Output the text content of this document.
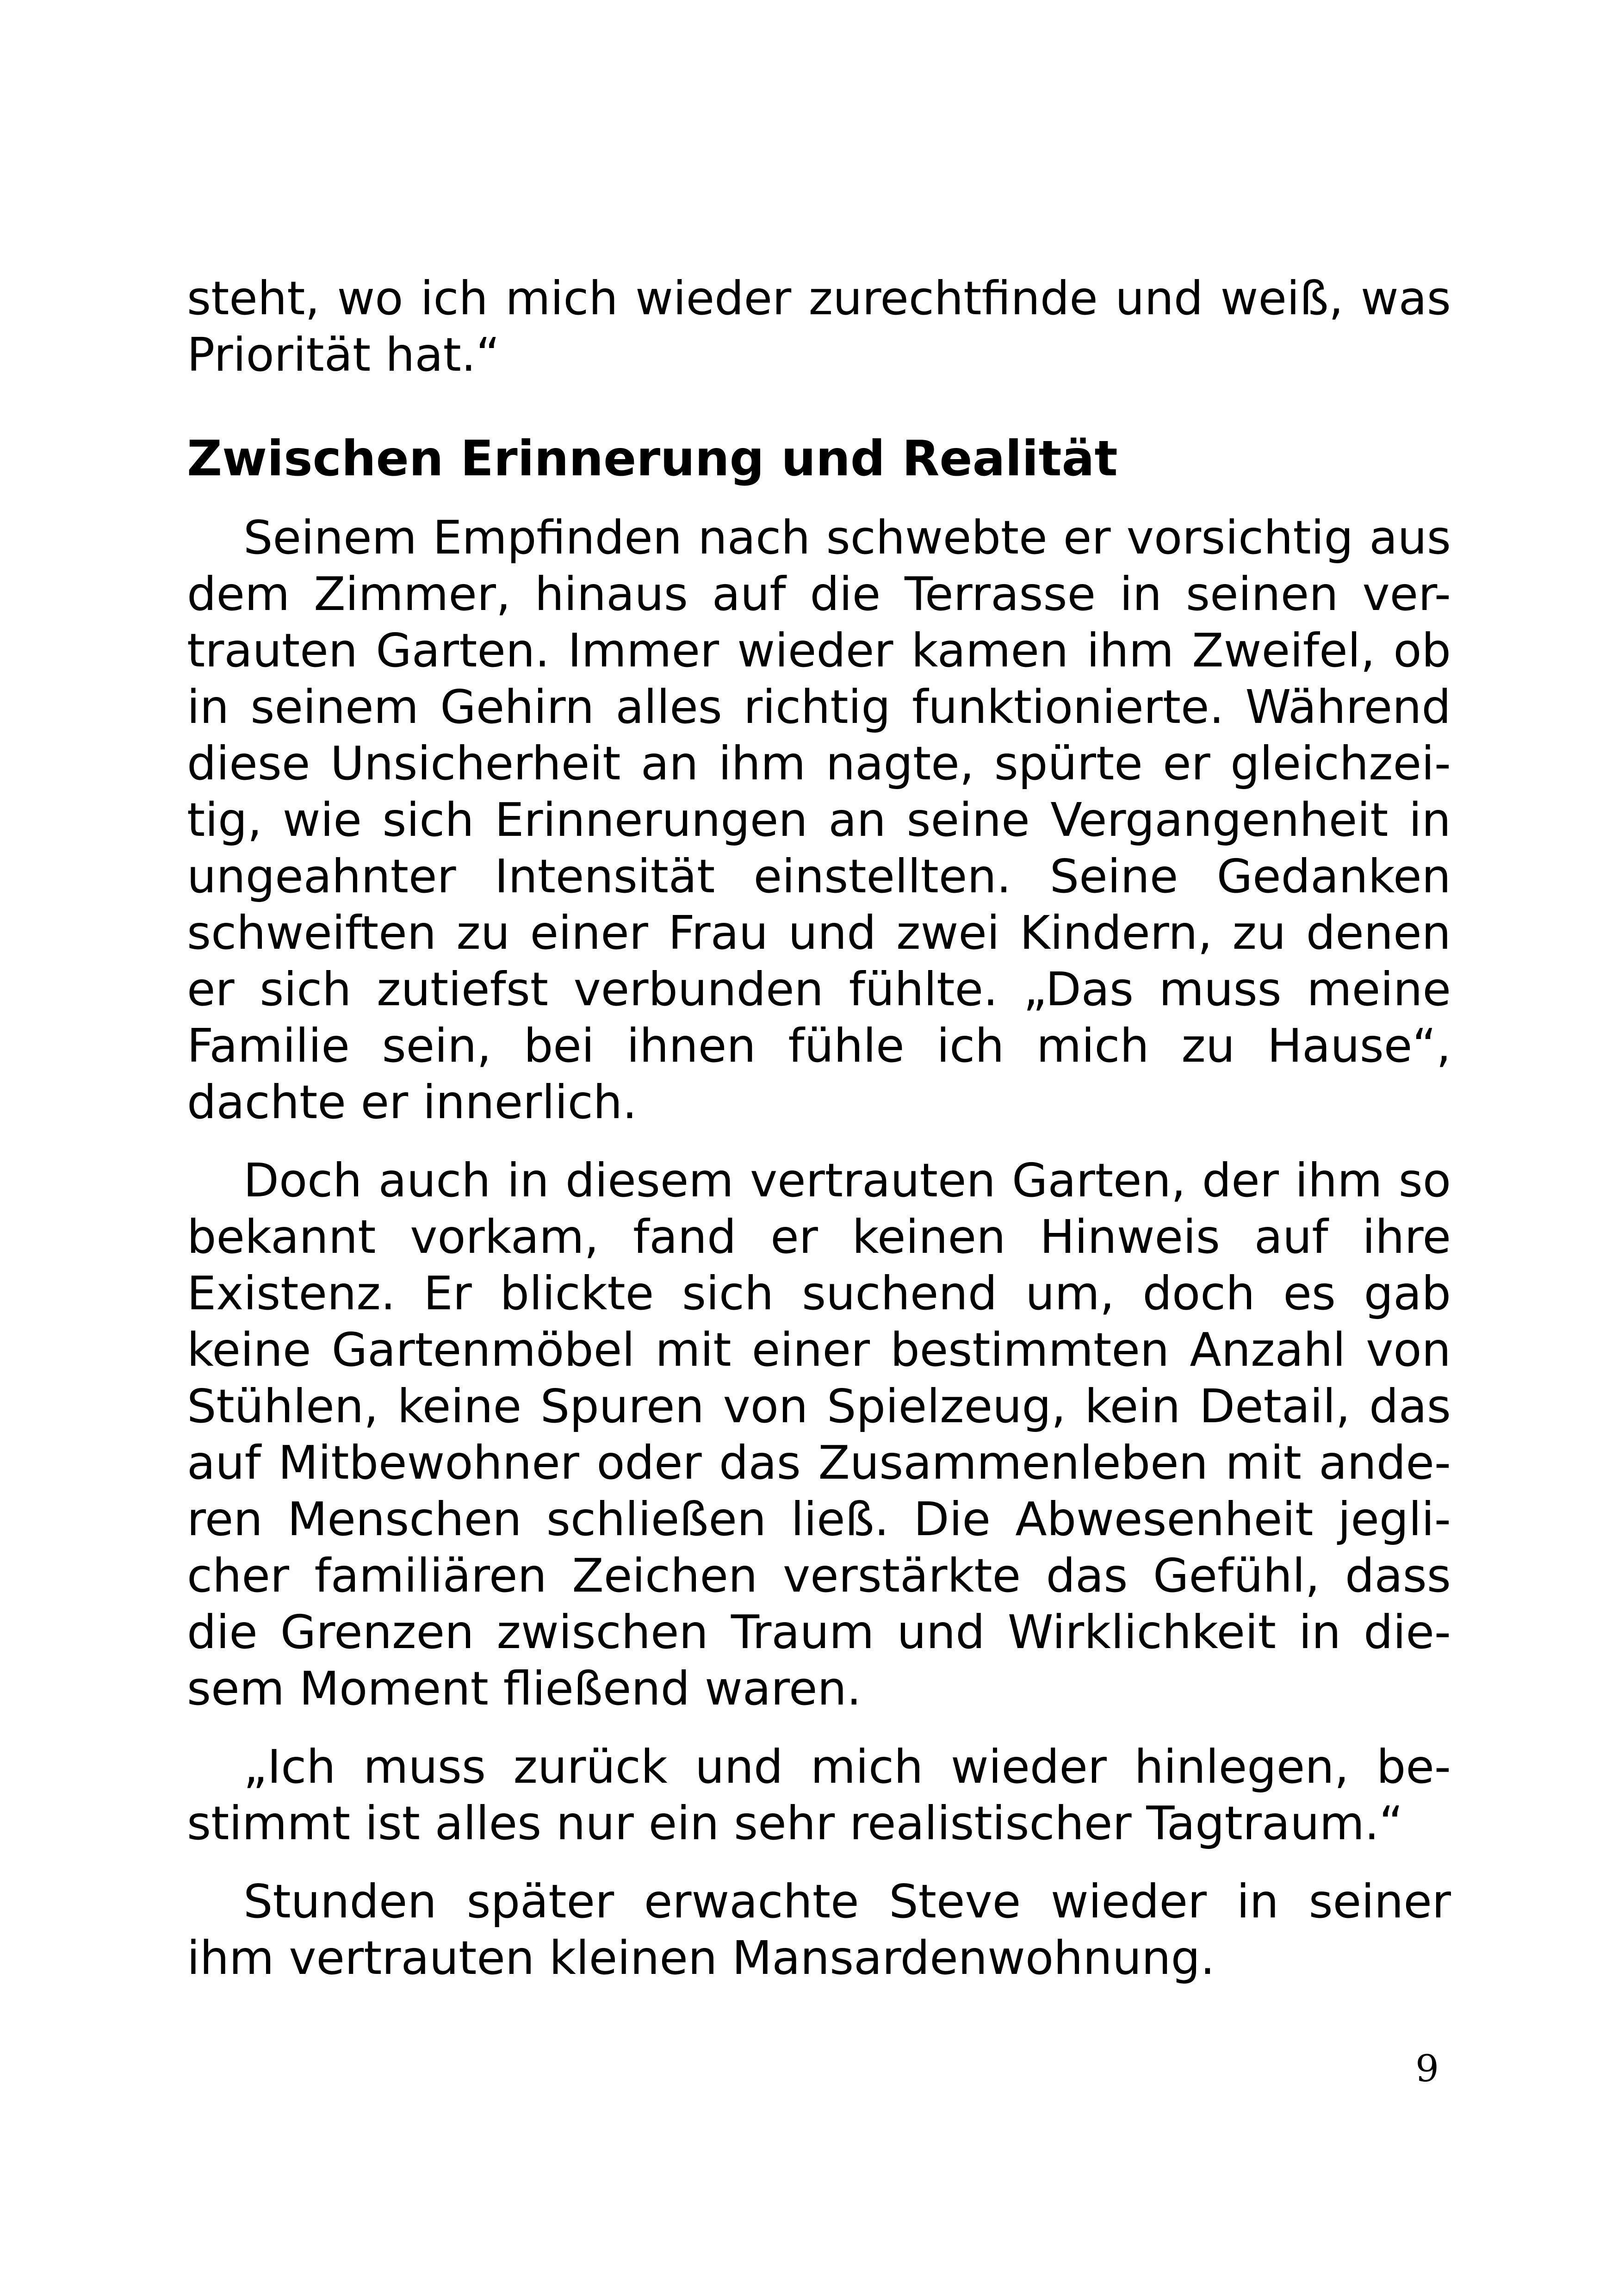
steht, wo ich mich wieder zurechtfinde und weiß, was
Priorität hat.“
Zwischen Erinnerung und Realität
Seinem Empfinden nach schwebte er vorsichtig aus
dem Zimmer, hinaus auf die Terrasse in seinen ver-
trauten Garten. Immer wieder kamen ihm Zweifel, ob
in seinem Gehirn alles richtig funktionierte. Während
diese Unsicherheit an ihm nagte, spürte er gleichzei-
tig, wie sich Erinnerungen an seine Vergangenheit in
ungeahnter Intensität einstellten. Seine Gedanken
schweiften zu einer Frau und zwei Kindern, zu denen
er sich zutiefst verbunden fühlte. „Das muss meine
Familie sein, bei ihnen fühle ich mich zu Hause“,
dachte er innerlich.
Doch auch in diesem vertrauten Garten, der ihm so
bekannt vorkam, fand er keinen Hinweis auf ihre
Existenz. Er blickte sich suchend um, doch es gab
keine Gartenmöbel mit einer bestimmten Anzahl von
Stühlen, keine Spuren von Spielzeug, kein Detail, das
auf Mitbewohner oder das Zusammenleben mit ande-
ren Menschen schließen ließ. Die Abwesenheit jegli-
cher familiären Zeichen verstärkte das Gefühl, dass
die Grenzen zwischen Traum und Wirklichkeit in die-
sem Moment fließend waren.
„Ich muss zurück und mich wieder hinlegen, be-
stimmt ist alles nur ein sehr realistischer Tagtraum.“
Stunden später erwachte Steve wieder in seiner
ihm vertrauten kleinen Mansardenwohnung.
9
